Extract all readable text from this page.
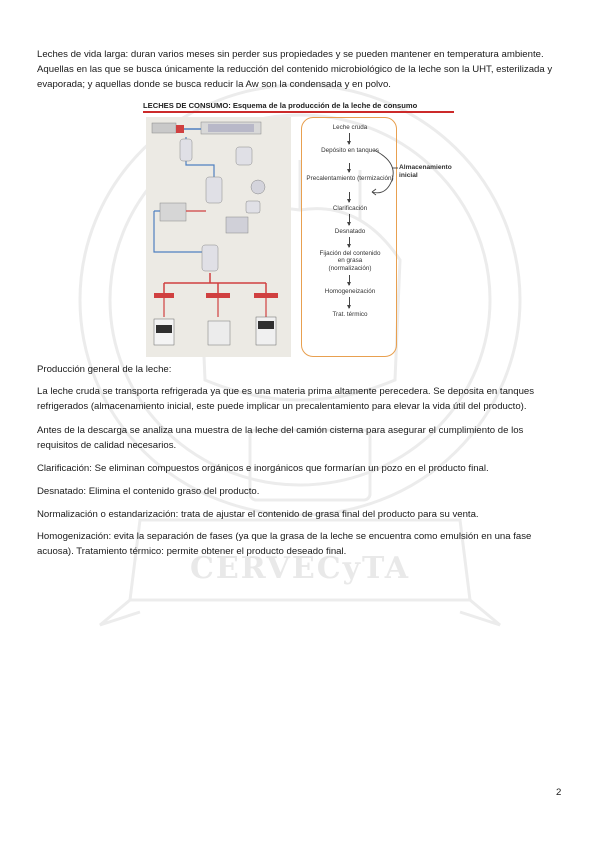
CERVECyTA

Leches de vida larga: duran varios meses sin perder sus propiedades y se pueden mantener en temperatura ambiente. Aquellas en las que se busca únicamente la reducción del contenido microbiológico de la leche son la UHT, esterilizada y evaporada; y aquellas donde se busca reducir la Aw son la condensada y en polvo.

LECHES DE CONSUMO: Esquema de la producción de la leche de consumo
Leche cruda
Depósito en tanques
Precalentamiento (termización)
Clarificación
Desnatado
Fijación del contenido en grasa (normalización)
Homogeneización
Trat. térmico
Almacenamiento inicial

Producción general de la leche:

La leche cruda se transporta refrigerada ya que es una materia prima altamente perecedera. Se deposita en tanques refrigerados (almacenamiento inicial, este puede implicar un precalentamiento para elevar la vida útil del producto).

Antes de la descarga se analiza una muestra de la leche del camión cisterna para asegurar el cumplimiento de los requisitos de calidad necesarios.

Clarificación: Se eliminan compuestos orgánicos e inorgánicos que formarían un pozo en el producto final.

Desnatado: Elimina el contenido graso del producto.

Normalización o estandarización: trata de ajustar el contenido de grasa final del producto para su venta.

Homogenización: evita la separación de fases (ya que la grasa de la leche se encuentra como emulsión en una fase acuosa). Tratamiento térmico: permite obtener el producto deseado final.

2
